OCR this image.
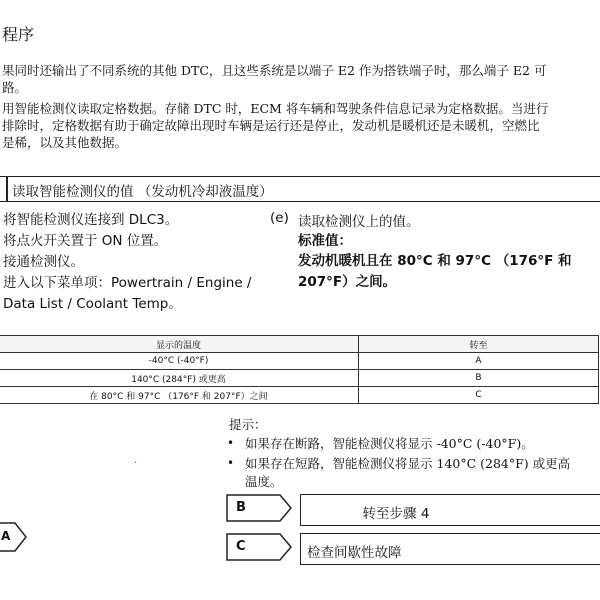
程序
果同时还输出了不同系统的其他 DTC，且这些系统是以端子 E2 作为搭铁端子时，那么端子 E2 可
路。
用智能检测仪读取定格数据。存储 DTC 时，ECM 将车辆和驾驶条件信息记录为定格数据。当进行
排除时，定格数据有助于确定故障出现时车辆是运行还是停止，发动机是暖机还是未暖机，空燃比
是稀，以及其他数据。
读取智能检测仪的值 （发动机冷却液温度）
将智能检测仪连接到 DLC3。
将点火开关置于 ON 位置。
接通检测仪。
进入以下菜单项：Powertrain / Engine /
Data List / Coolant Temp。
(e) 读取检测仪上的值。
标准值：
发动机暖机且在 80°C 和 97°C （176°F 和
207°F）之间。
显示的温度	转至
-40°C (-40°F)	A
140°C (284°F) 或更高	B
在 80°C 和 97°C （176°F 和 207°F）之间	C
提示：
• 如果存在断路，智能检测仪将显示 -40°C (-40°F)。
• 如果存在短路，智能检测仪将显示 140°C (284°F) 或更高
温度。
·
B	转至步骤 4
C	检查间歇性故障
A
